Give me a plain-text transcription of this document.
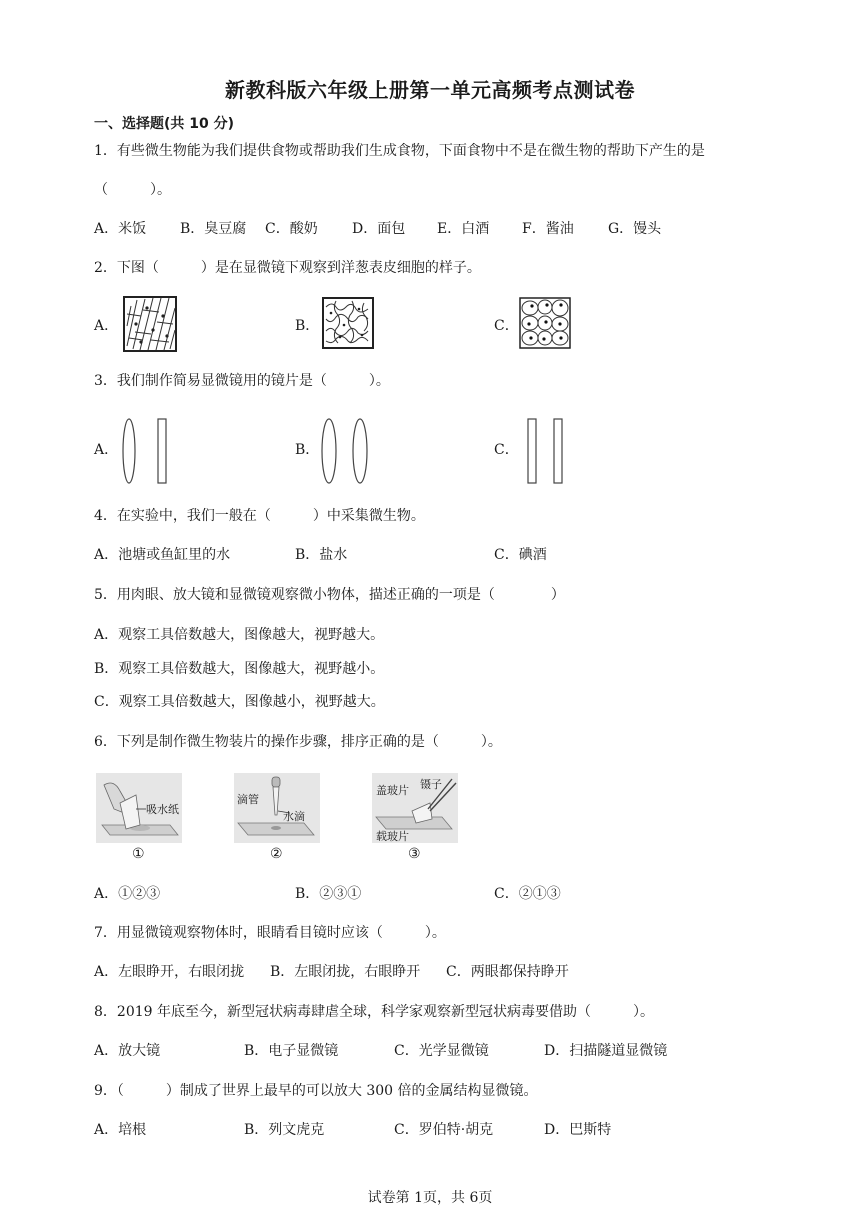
新教科版六年级上册第一单元高频考点测试卷
一、选择题(共 10 分)
1．有些微生物能为我们提供食物或帮助我们生成食物，下面食物中不是在微生物的帮助下产生的是
（　　　）。
A．米饭 B．臭豆腐 C．酸奶 D．面包 E．白酒 F．酱油 G．馒头
2．下图（　　　）是在显微镜下观察到洋葱表皮细胞的样子。
A．	B．	C．
3．我们制作简易显微镜用的镜片是（　　　）。
A．	B．	C．
4．在实验中，我们一般在（　　　）中采集微生物。
A．池塘或鱼缸里的水	B．盐水	C．碘酒
5．用肉眼、放大镜和显微镜观察微小物体，描述正确的一项是（　　　　）
A．观察工具倍数越大，图像越大，视野越大。
B．观察工具倍数越大，图像越大，视野越小。
C．观察工具倍数越大，图像越小，视野越大。
6．下列是制作微生物装片的操作步骤，排序正确的是（　　　）。
吸水纸
①
滴管
水滴
②
盖玻片 镊子
载玻片
③
A．①②③	B．②③①	C．②①③
7．用显微镜观察物体时，眼睛看目镜时应该（　　　）。
A．左眼睁开，右眼闭拢 B．左眼闭拢，右眼睁开 C．两眼都保持睁开
8．2019 年底至今，新型冠状病毒肆虐全球，科学家观察新型冠状病毒要借助（　　　）。
A．放大镜	B．电子显微镜	C．光学显微镜	D．扫描隧道显微镜
9．（　　　）制成了世界上最早的可以放大 300 倍的金属结构显微镜。
A．培根	B．列文虎克	C．罗伯特·胡克	D．巴斯特
试卷第 1页，共 6页
